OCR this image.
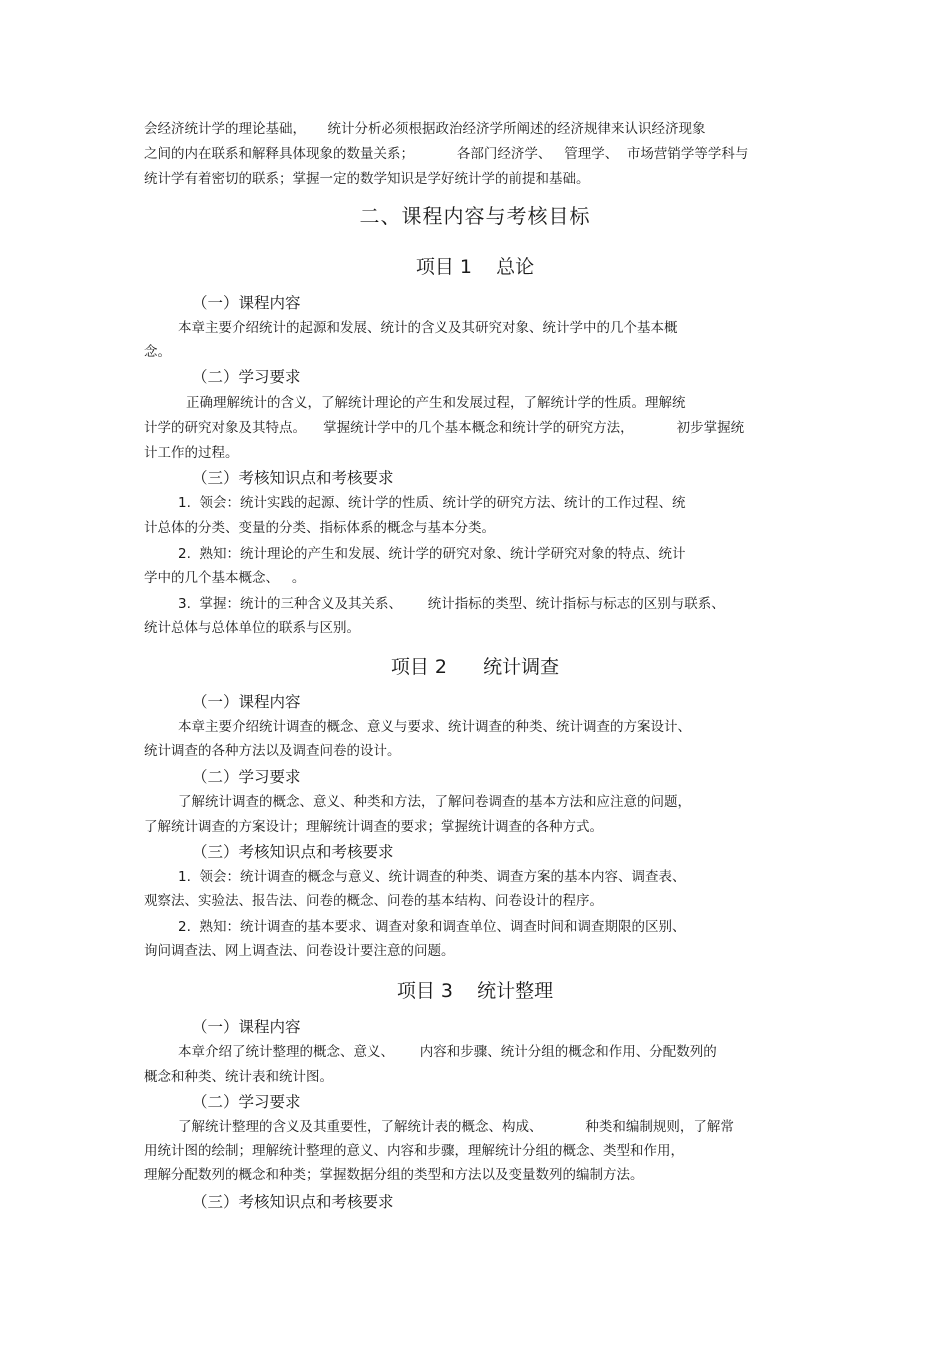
会经济统计学的理论基础，     统计分析必须根据政治经济学所阐述的经济规律来认识经济现象
之间的内在联系和解释具体现象的数量关系；          各部门经济学、   管理学、  市场营销学等学科与
统计学有着密切的联系；掌握一定的数学知识是学好统计学的前提和基础。
二、课程内容与考核目标
项目 1    总论
（一）课程内容
本章主要介绍统计的起源和发展、统计的含义及其研究对象、统计学中的几个基本概
念。
（二）学习要求
正确理解统计的含义，了解统计理论的产生和发展过程，了解统计学的性质。理解统
计学的研究对象及其特点。    掌握统计学中的几个基本概念和统计学的研究方法，          初步掌握统
计工作的过程。
（三）考核知识点和考核要求
1.  领会：统计实践的起源、统计学的性质、统计学的研究方法、统计的工作过程、统
计总体的分类、变量的分类、指标体系的概念与基本分类。
2.  熟知：统计理论的产生和发展、统计学的研究对象、统计学研究对象的特点、统计
学中的几个基本概念、   。
3.  掌握：统计的三种含义及其关系、      统计指标的类型、统计指标与标志的区别与联系、
统计总体与总体单位的联系与区别。
项目 2      统计调查
（一）课程内容
本章主要介绍统计调查的概念、意义与要求、统计调查的种类、统计调查的方案设计、
统计调查的各种方法以及调查问卷的设计。
（二）学习要求
了解统计调查的概念、意义、种类和方法，了解问卷调查的基本方法和应注意的问题，
了解统计调查的方案设计；理解统计调查的要求；掌握统计调查的各种方式。
（三）考核知识点和考核要求
1.  领会：统计调查的概念与意义、统计调查的种类、调查方案的基本内容、调查表、
观察法、实验法、报告法、问卷的概念、问卷的基本结构、问卷设计的程序。
2.  熟知：统计调查的基本要求、调查对象和调查单位、调查时间和调查期限的区别、
询问调查法、网上调查法、问卷设计要注意的问题。
项目 3    统计整理
（一）课程内容
本章介绍了统计整理的概念、意义、      内容和步骤、统计分组的概念和作用、分配数列的
概念和种类、统计表和统计图。
（二）学习要求
了解统计整理的含义及其重要性，了解统计表的概念、构成、          种类和编制规则，了解常
用统计图的绘制；理解统计整理的意义、内容和步骤，理解统计分组的概念、类型和作用，
理解分配数列的概念和种类；掌握数据分组的类型和方法以及变量数列的编制方法。
（三）考核知识点和考核要求
